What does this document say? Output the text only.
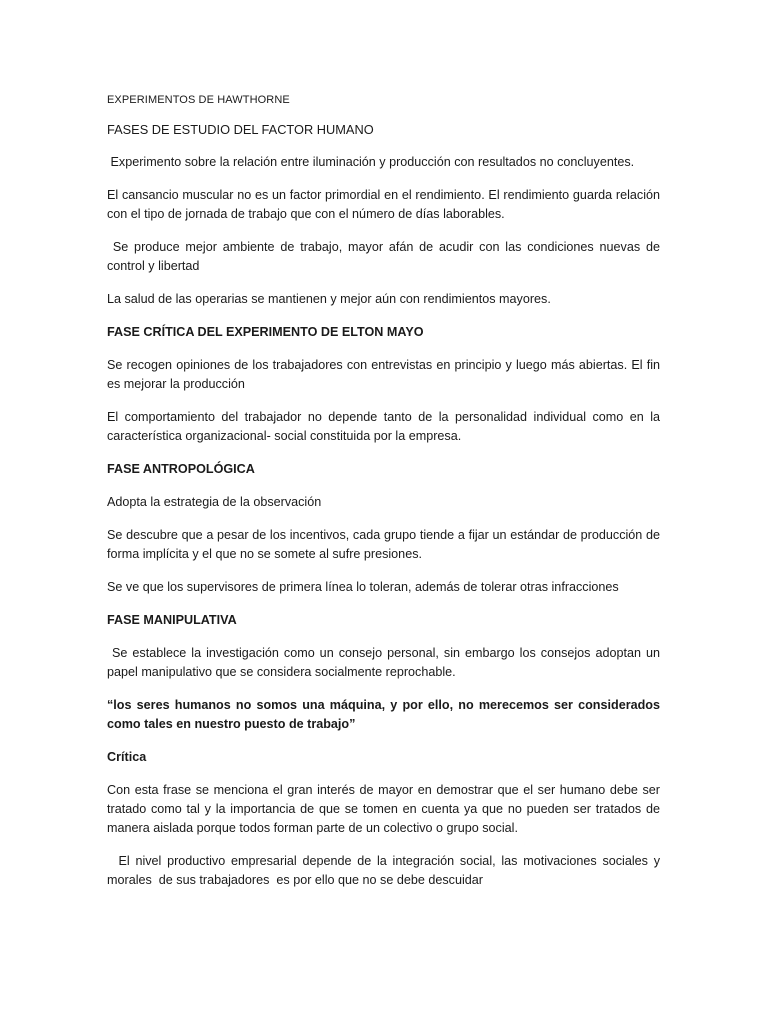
EXPERIMENTOS DE HAWTHORNE
FASES DE ESTUDIO DEL FACTOR HUMANO

Experimento sobre la relación entre iluminación y producción con resultados no concluyentes.

El cansancio muscular no es un factor primordial en el rendimiento. El rendimiento guarda relación con el tipo de jornada de trabajo que con el número de días laborables.

Se produce mejor ambiente de trabajo, mayor afán de acudir con las condiciones nuevas de control y libertad

La salud de las operarias se mantienen y mejor aún con rendimientos mayores.

FASE CRÍTICA DEL EXPERIMENTO DE ELTON MAYO

Se recogen opiniones de los trabajadores con entrevistas en principio y luego más abiertas. El fin es mejorar la producción

El comportamiento del trabajador no depende tanto de la personalidad individual como en la característica organizacional- social constituida por la empresa.

FASE ANTROPOLÓGICA

Adopta la estrategia de la observación

Se descubre que a pesar de los incentivos, cada grupo tiende a fijar un estándar de producción de forma implícita y el que no se somete al sufre presiones.

Se ve que los supervisores de primera línea lo toleran, además de tolerar otras infracciones

FASE MANIPULATIVA

Se establece la investigación como un consejo personal, sin embargo los consejos adoptan un papel manipulativo que se considera socialmente reprochable.

“los seres humanos no somos una máquina, y por ello, no merecemos ser considerados como tales en nuestro puesto de trabajo”

Crítica

Con esta frase se menciona el gran interés de mayor en demostrar que el ser humano debe ser tratado como tal y la importancia de que se tomen en cuenta ya que no pueden ser tratados de manera aislada porque todos forman parte de un colectivo o grupo social.

El nivel productivo empresarial depende de la integración social, las motivaciones sociales y morales  de sus trabajadores  es por ello que no se debe descuidar
